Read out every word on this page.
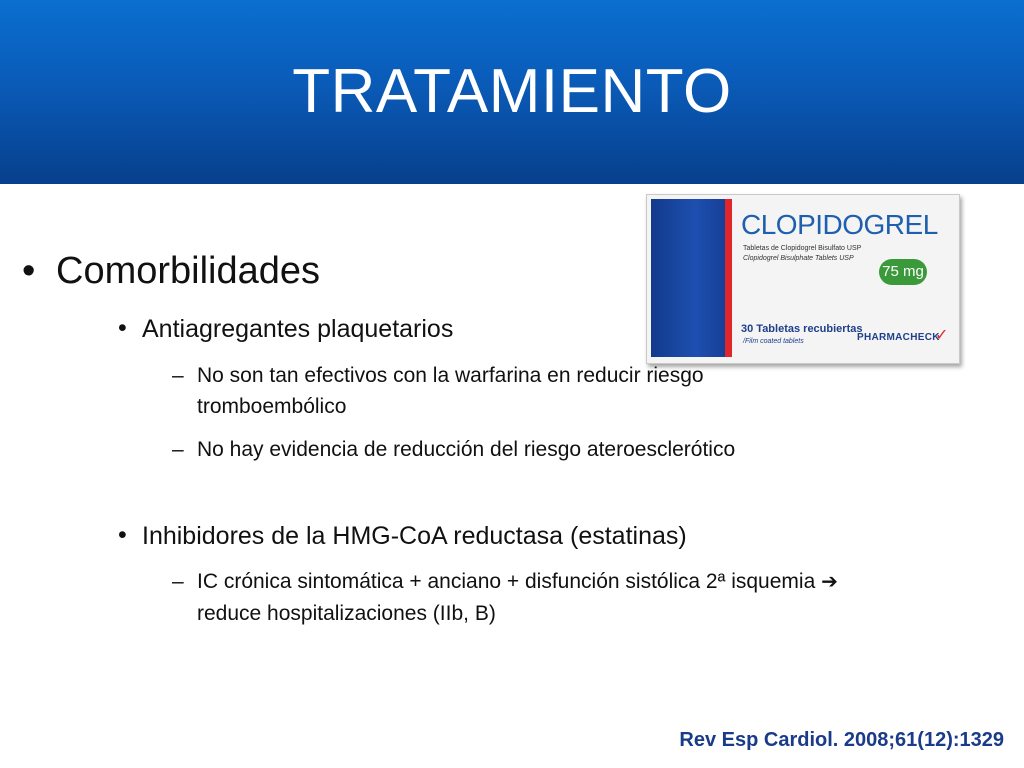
TRATAMIENTO
• Comorbilidades
• Antiagregantes plaquetarios
– No son tan efectivos con la warfarina en reducir riesgo tromboembólico
– No hay evidencia de reducción del riesgo ateroesclerótico
• Inhibidores de la HMG-CoA reductasa (estatinas)
– IC crónica sintomática + anciano + disfunción sistólica 2ª isquemia ➔ reduce hospitalizaciones (IIb, B)
CLOPIDOGREL
Tabletas de Clopidogrel Bisulfato USP
Clopidogrel Bisulphate Tablets USP
75 mg
30 Tabletas recubiertas
/Film coated tablets	PHARMACHECK
✓
Rev Esp Cardiol. 2008;61(12):1329
